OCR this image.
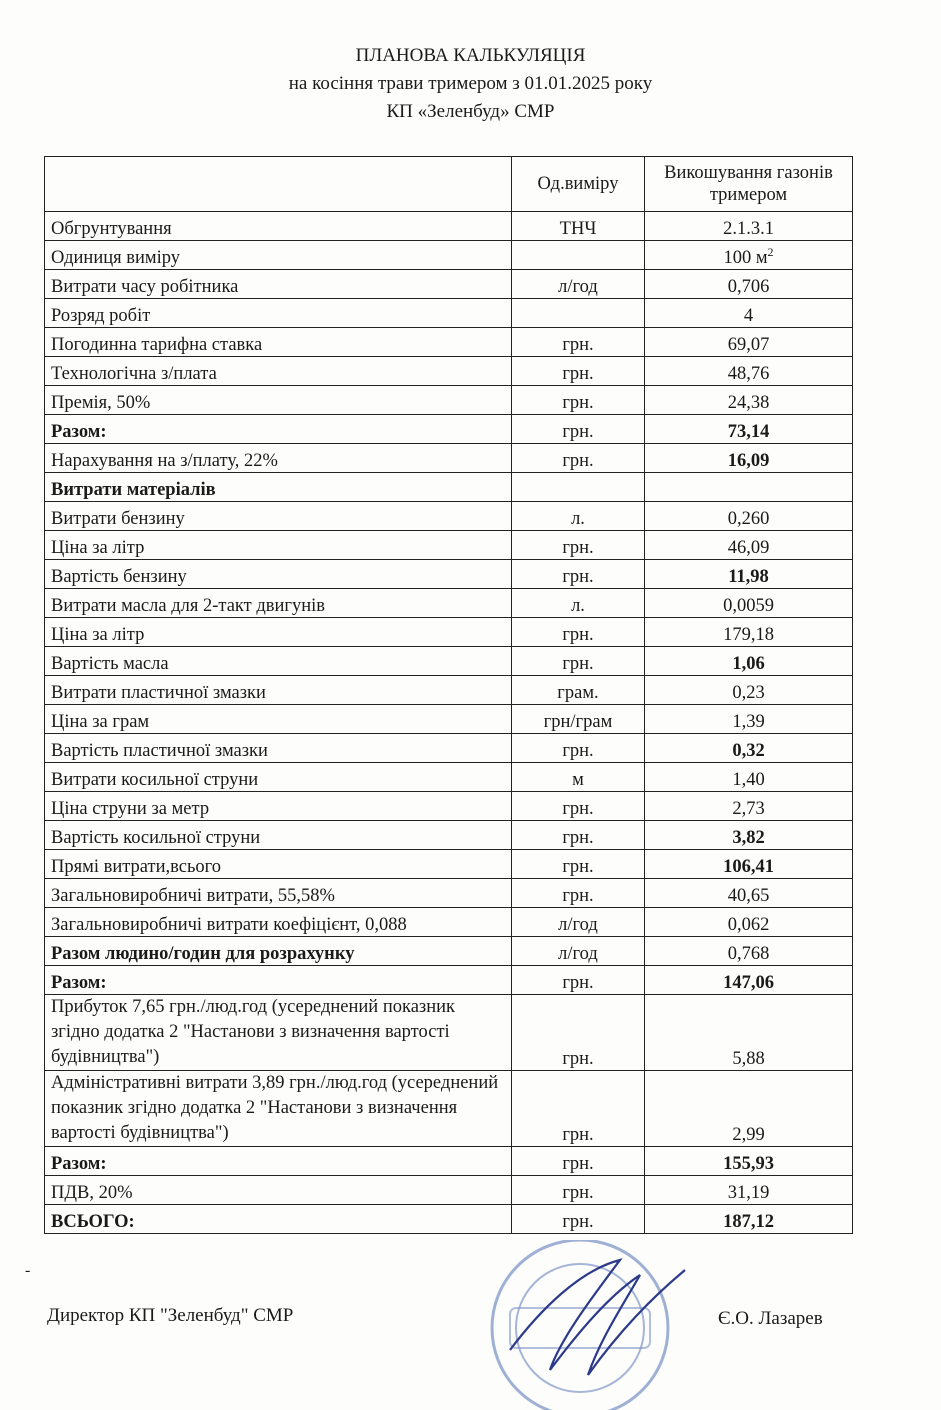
ПЛАНОВА КАЛЬКУЛЯЦІЯ
на косіння трави тримером з 01.01.2025 року
КП «Зеленбуд» СМР
	Од.виміру	Викошування газонів тримером
Обгрунтування	ТНЧ	2.1.3.1
Одиниця виміру		100 $м^2$
Витрати часу робітника	л/год	0,706
Розряд робіт		4
Погодинна тарифна ставка	грн.	69,07
Технологічна з/плата	грн.	48,76
Премія, 50%	грн.	24,38
Разом:	грн.	73,14
Нарахування на з/плату, 22%	грн.	16,09
Витрати матеріалів		
Витрати бензину	л.	0,260
Ціна за літр	грн.	46,09
Вартість бензину	грн.	11,98
Витрати масла для 2-такт двигунів	л.	0,0059
Ціна за літр	грн.	179,18
Вартість масла	грн.	1,06
Витрати пластичної змазки	грам.	0,23
Ціна за грам	грн/грам	1,39
Вартість пластичної змазки	грн.	0,32
Витрати косильної струни	м	1,40
Ціна струни за метр	грн.	2,73
Вартість косильної струни	грн.	3,82
Прямі витрати,всього	грн.	106,41
Загальновиробничі витрати, 55,58%	грн.	40,65
Загальновиробничі витрати коефіцієнт, 0,088	л/год	0,062
Разом людино/годин для розрахунку	л/год	0,768
Разом:	грн.	147,06
Прибуток 7,65 грн./люд.год (усереднений показник згідно додатка 2 "Настанови з визначення вартості будівництва")	грн.	5,88
Адміністративні витрати 3,89 грн./люд.год (усереднений показник згідно додатка 2 "Настанови з визначення вартості будівництва")	грн.	2,99
Разом:	грн.	155,93
ПДВ, 20%	грн.	31,19
ВСЬОГО:	грн.	187,12
-
Директор КП "Зеленбуд" СМР	Є.О. Лазарев
